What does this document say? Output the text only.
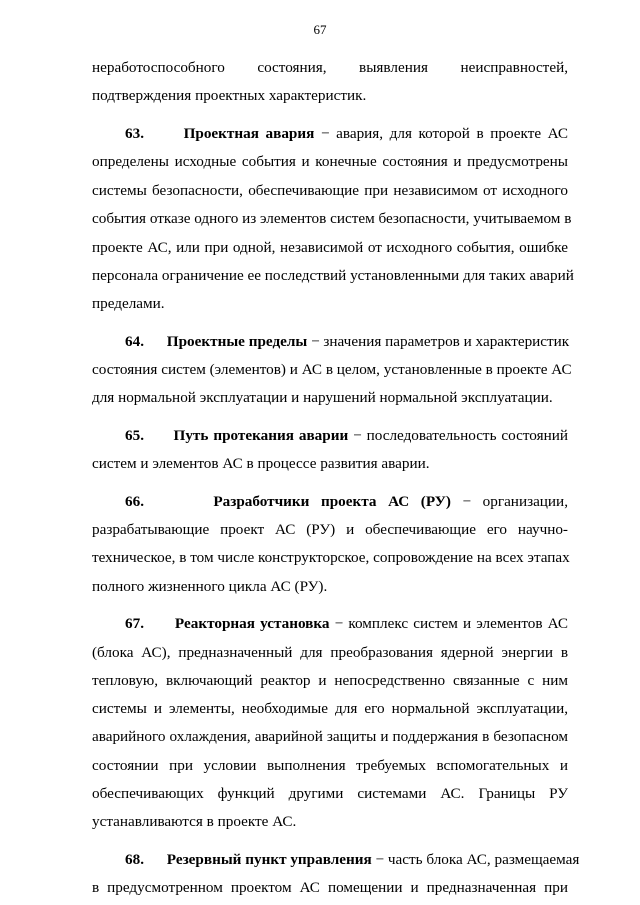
67
неработоспособного состояния, выявления неисправностей,
подтверждения проектных характеристик.
63.	Проектная авария − авария, для которой в проекте АС
определены исходные события и конечные состояния и предусмотрены
системы безопасности, обеспечивающие при независимом от исходного
события отказе одного из элементов систем безопасности, учитываемом в
проекте АС, или при одной, независимой от исходного события, ошибке
персонала ограничение ее последствий установленными для таких аварий
пределами.
64. Проектные пределы − значения параметров и характеристик
состояния систем (элементов) и АС в целом, установленные в проекте АС
для нормальной эксплуатации и нарушений нормальной эксплуатации.
65. Путь протекания аварии − последовательность состояний
систем и элементов АС в процессе развития аварии.
66.	Разработчики проекта АС (РУ) − организации,
разрабатывающие проект АС (РУ) и обеспечивающие его научно-
техническое, в том числе конструкторское, сопровождение на всех этапах
полного жизненного цикла АС (РУ).
67. Реакторная установка − комплекс систем и элементов АС
(блока АС), предназначенный для преобразования ядерной энергии в
тепловую, включающий реактор и непосредственно связанные с ним
системы и элементы, необходимые для его нормальной эксплуатации,
аварийного охлаждения, аварийной защиты и поддержания в безопасном
состоянии при условии выполнения требуемых вспомогательных и
обеспечивающих функций другими системами АС. Границы РУ
устанавливаются в проекте АС.
68. Резервный пункт управления − часть блока АС, размещаемая
в предусмотренном проектом АС помещении и предназначенная при
